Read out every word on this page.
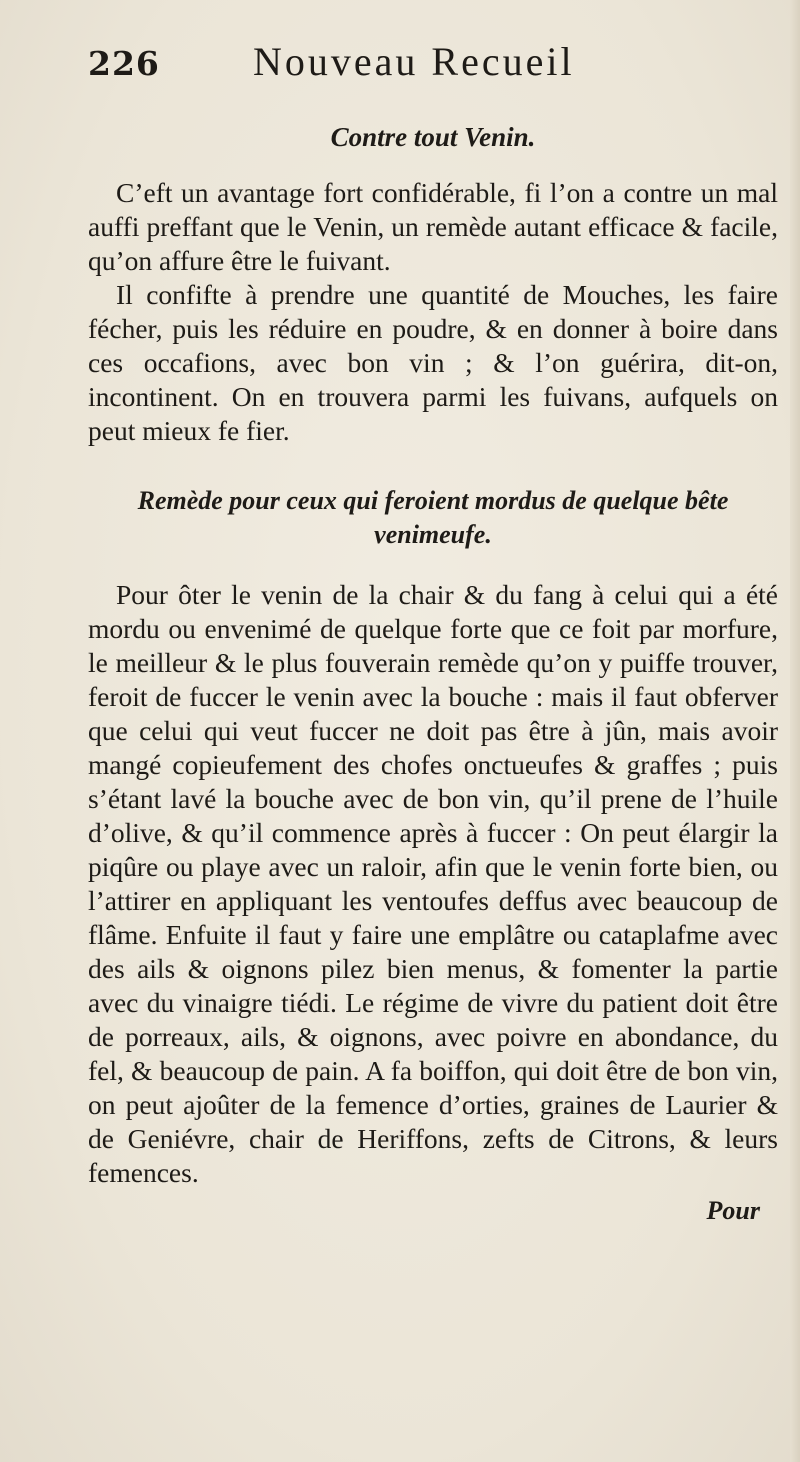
226 Nouveau Recueil
Contre tout Venin.

C’eft un avantage fort confidérable, fi l’on a contre un mal auffi preffant que le Venin, un remède autant efficace & facile, qu’on affure être le fuivant.

Il confifte à prendre une quantité de Mouches, les faire fécher, puis les réduire en poudre, & en donner à boire dans ces occafions, avec bon vin ; & l’on guérira, dit-on, incontinent. On en trouvera parmi les fuivans, aufquels on peut mieux fe fier.

Remède pour ceux qui feroient mordus de quelque bête venimeufe.

Pour ôter le venin de la chair & du fang à celui qui a été mordu ou envenimé de quelque forte que ce foit par morfure, le meilleur & le plus fouverain remède qu’on y puiffe trouver, feroit de fuccer le venin avec la bouche : mais il faut obferver que celui qui veut fuccer ne doit pas être à jûn, mais avoir mangé copieufement des chofes onctueufes & graffes ; puis s’étant lavé la bouche avec de bon vin, qu’il prene de l’huile d’olive, & qu’il commence après à fuccer : On peut élargir la piqûre ou playe avec un raloir, afin que le venin forte bien, ou l’attirer en appliquant les ventoufes deffus avec beaucoup de flâme. Enfuite il faut y faire une emplâtre ou cataplafme avec des ails & oignons pilez bien menus, & fomenter la partie avec du vinaigre tiédi. Le régime de vivre du patient doit être de porreaux, ails, & oignons, avec poivre en abondance, du fel, & beaucoup de pain. A fa boiffon, qui doit être de bon vin, on peut ajoûter de la femence d’orties, graines de Laurier & de Geniévre, chair de Heriffons, zefts de Citrons, & leurs femences.

Pour
